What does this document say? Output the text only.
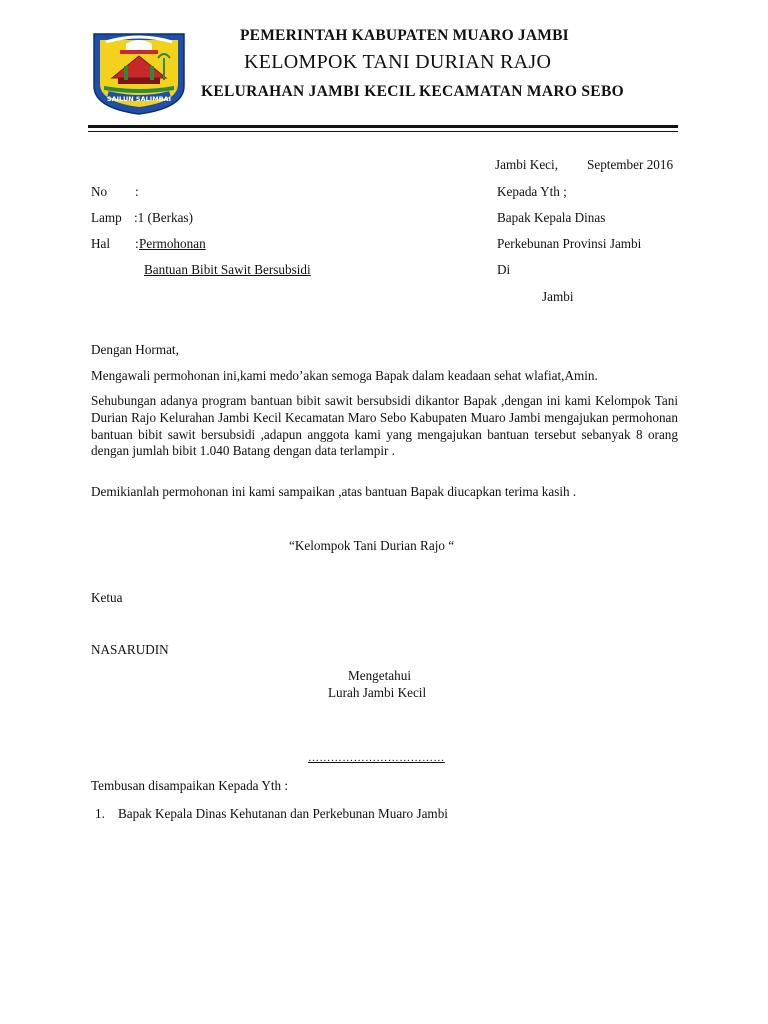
SAILUN SALIMBAI
PEMERINTAH KABUPATEN MUARO JAMBI
KELOMPOK TANI DURIAN RAJO
KELURAHAN JAMBI KECIL KECAMATAN MARO SEBO
Jambi Keci, September 2016
No :
Lamp :1 (Berkas)
Hal : Permohonan
Bantuan Bibit Sawit Bersubsidi
Kepada Yth ;
Bapak Kepala Dinas
Perkebunan Provinsi Jambi
Di
Jambi
Dengan Hormat,
Mengawali permohonan ini,kami medo’akan semoga Bapak dalam keadaan sehat wlafiat,Amin.
Sehubungan adanya program bantuan bibit sawit bersubsidi dikantor Bapak ,dengan ini kami Kelompok Tani Durian Rajo Kelurahan Jambi Kecil Kecamatan Maro Sebo Kabupaten Muaro Jambi mengajukan permohonan bantuan bibit sawit bersubsidi ,adapun anggota kami yang mengajukan bantuan tersebut sebanyak 8 orang dengan jumlah bibit 1.040 Batang dengan data terlampir .
Demikianlah permohonan ini kami sampaikan ,atas bantuan Bapak diucapkan terima kasih .
“Kelompok Tani Durian Rajo “
Ketua
NASARUDIN
Mengetahui
Lurah Jambi Kecil
………………………………
Tembusan disampaikan Kepada Yth :
1. Bapak Kepala Dinas Kehutanan dan Perkebunan Muaro Jambi
